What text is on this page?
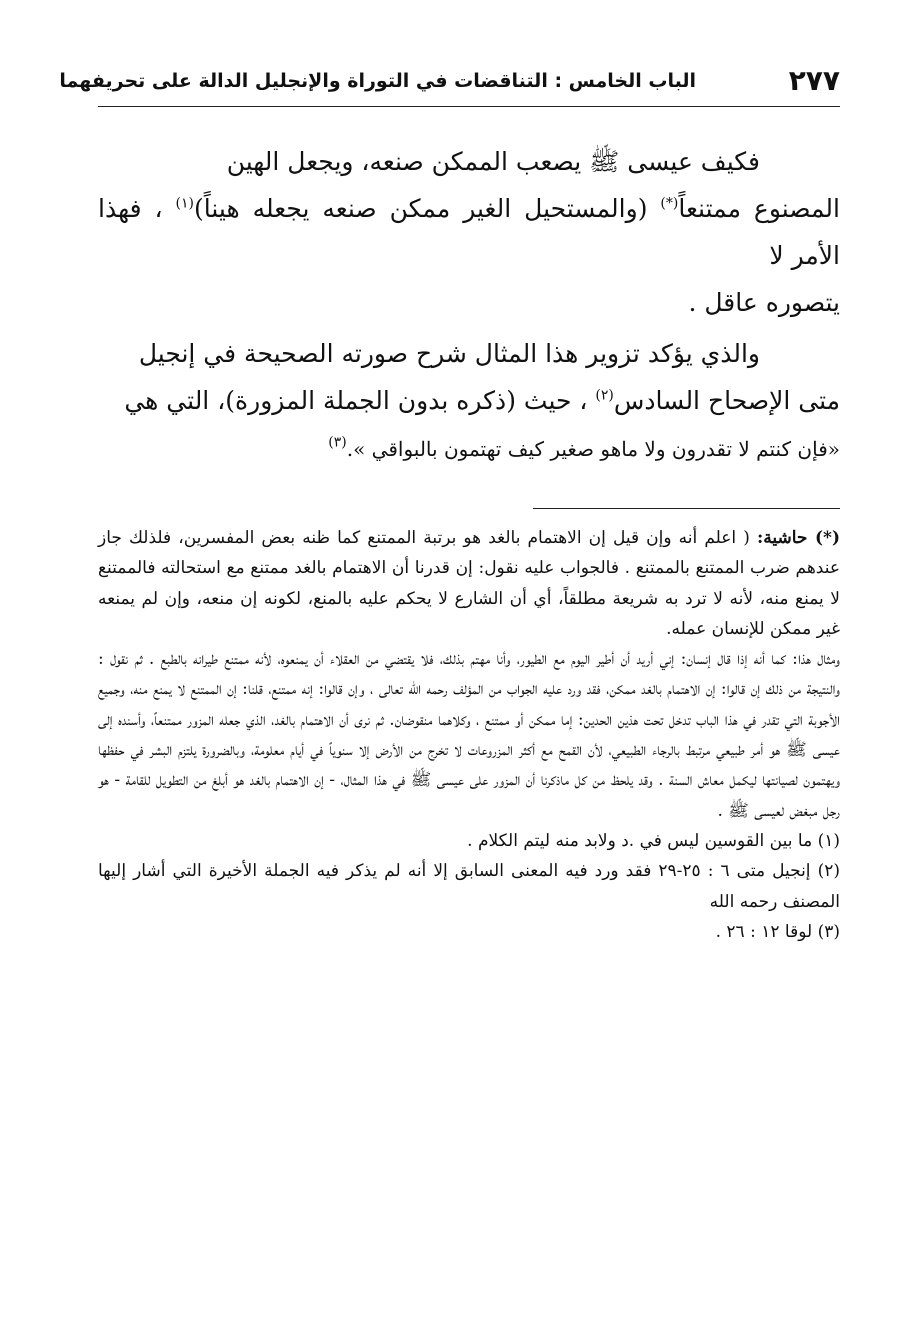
٢٧٧
الباب الخامس : التناقضات في التوراة والإنجليل الدالة على تحريفهما

فكيف عيسى ﷺ يصعب الممكن صنعه، ويجعل الهين

المصنوع ممتنعاً(*) (والمستحيل الغير ممكن صنعه يجعله هيناً)$^{(١)}$ ، فهذا الأمر لا

يتصوره عاقل .

والذي يؤكد تزوير هذا المثال شرح صورته الصحيحة في إنجيل

متى الإصحاح السادس$^{(٢)}$ ، حيث (ذكره بدون الجملة المزورة)، التي هي

«فإن كنتم لا تقدرون ولا ماهو صغير كيف تهتمون بالبواقي ».$^{(٣)}$

(*) حاشية: ( اعلم أنه وإن قيل إن الاهتمام بالغد هو برتبة الممتنع كما ظنه بعض المفسرين، فلذلك جاز عندهم ضرب الممتنع بالممتنع . فالجواب عليه نقول: إن قدرنا أن الاهتمام بالغد ممتنع مع استحالته فالممتنع لا يمنع منه، لأنه لا ترد به شريعة مطلقاً، أي أن الشارع لا يحكم عليه بالمنع، لكونه إن منعه، وإن لم يمنعه غير ممكن للإنسان عمله.

ومثال هذا: كما أنه إذا قال إنسان: إني أريد أن أطير اليوم مع الطيور، وأنا مهتم بذلك، فلا يقتضي من العقلاء أن يمنعوه، لأنه ممتنع طيرانه بالطبع . ثم نقول : والنتيجة من ذلك إن قالوا: إن الاهتمام بالغد ممكن، فقد ورد عليه الجواب من المؤلف رحمه الله تعالى ، وإن قالوا: إنه ممتنع، قلنا: إن الممتنع لا يمنع منه، وجميع الأجوبة التي تقدر في هذا الباب تدخل تحت هذين الحدين: إما ممكن أو ممتنع ، وكلاهما منقوضان. ثم نرى أن الاهتمام بالغد، الذي جعله المزور ممتنعاً، وأسنده إلى عيسى ﷺ هو أمر طبيعي مرتبط بالرجاء الطبيعي، لأن القمح مع أكثر المزروعات لا تخرج من الأرض إلا سنوياً في أيام معلومة، وبالضرورة يلتزم البشر في حفظها ويهتمون لصيانتها ليكمل معاش السنة . وقد يلحظ من كل ماذكرنا أن المزور على عيسى ﷺ في هذا المثال، - إن الاهتمام بالغد هو أبلغ من التطويل للقامة - هو رجل مبغض لعيسى ﷺ .

(١) ما بين القوسين ليس في .د ولابد منه ليتم الكلام .

(٢) إنجيل متى ٦ : ٢٥-٢٩ فقد ورد فيه المعنى السابق إلا أنه لم يذكر فيه الجملة الأخيرة التي أشار إليها المصنف رحمه الله

(٣) لوقا ١٢ : ٢٦ .
